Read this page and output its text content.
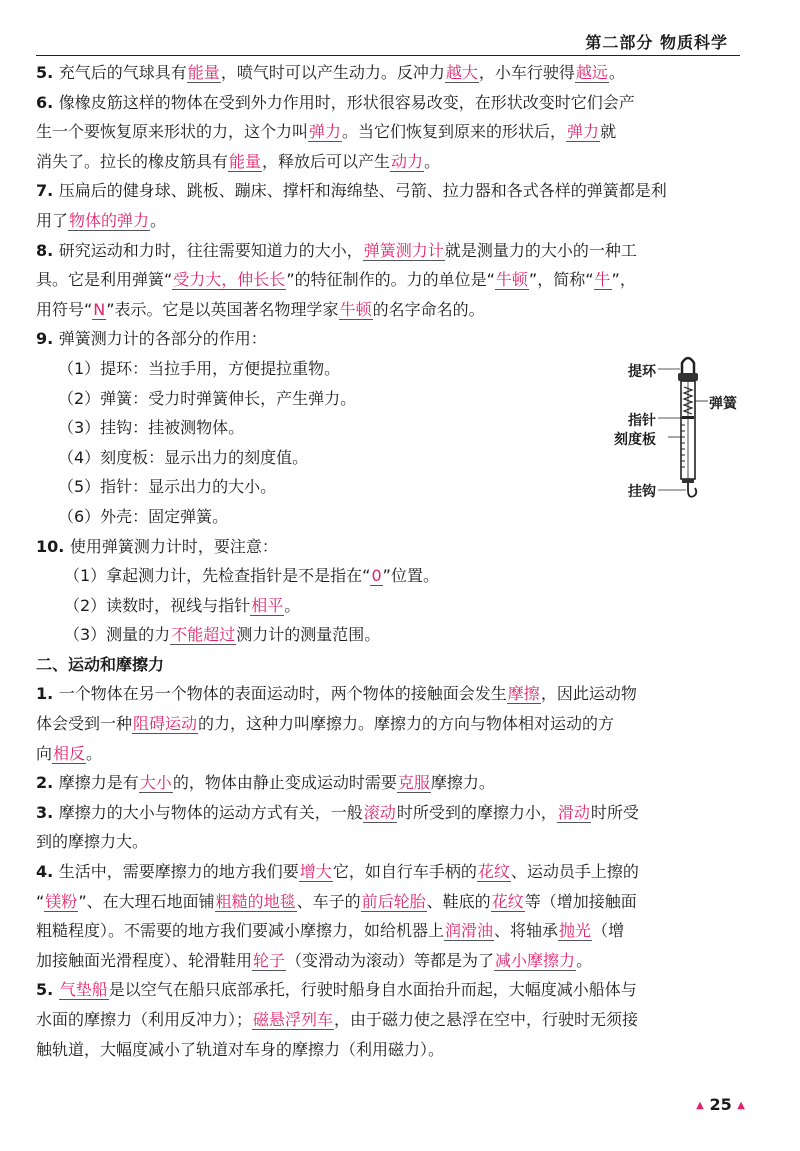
第二部分 物质科学
5. 充气后的气球具有能量，喷气时可以产生动力。反冲力越大，小车行驶得越远。
6. 像橡皮筋这样的物体在受到外力作用时，形状很容易改变，在形状改变时它们会产
生一个要恢复原来形状的力，这个力叫弹力。当它们恢复到原来的形状后，弹力就
消失了。拉长的橡皮筋具有能量，释放后可以产生动力。
7. 压扁后的健身球、跳板、蹦床、撑杆和海绵垫、弓箭、拉力器和各式各样的弹簧都是利
用了物体的弹力。
8. 研究运动和力时，往往需要知道力的大小，弹簧测力计就是测量力的大小的一种工
具。它是利用弹簧“受力大，伸长长”的特征制作的。力的单位是“牛顿”，简称“牛”，
用符号“N”表示。它是以英国著名物理学家牛顿的名字命名的。
9. 弹簧测力计的各部分的作用：
（1）提环：当拉手用，方便提拉重物。
（2）弹簧：受力时弹簧伸长，产生弹力。
（3）挂钩：挂被测物体。
（4）刻度板：显示出力的刻度值。
（5）指针：显示出力的大小。
（6）外壳：固定弹簧。
10. 使用弹簧测力计时，要注意：
（1）拿起测力计，先检查指针是不是指在“0”位置。
（2）读数时，视线与指针相平。
（3）测量的力不能超过测力计的测量范围。
二、运动和摩擦力
1. 一个物体在另一个物体的表面运动时，两个物体的接触面会发生摩擦，因此运动物
体会受到一种阻碍运动的力，这种力叫摩擦力。摩擦力的方向与物体相对运动的方
向相反。
2. 摩擦力是有大小的，物体由静止变成运动时需要克服摩擦力。
3. 摩擦力的大小与物体的运动方式有关，一般滚动时所受到的摩擦力小，滑动时所受
到的摩擦力大。
4. 生活中，需要摩擦力的地方我们要增大它，如自行车手柄的花纹、运动员手上擦的
“镁粉”、在大理石地面铺粗糙的地毯、车子的前后轮胎、鞋底的花纹等（增加接触面
粗糙程度）。不需要的地方我们要减小摩擦力，如给机器上润滑油、将轴承抛光（增
加接触面光滑程度）、轮滑鞋用轮子（变滑动为滚动）等都是为了减小摩擦力。
5. 气垫船是以空气在船只底部承托，行驶时船身自水面抬升而起，大幅度减小船体与
水面的摩擦力（利用反冲力）；磁悬浮列车，由于磁力使之悬浮在空中，行驶时无须接
触轨道，大幅度减小了轨道对车身的摩擦力（利用磁力）。
提环
弹簧
指针
刻度板
挂钩
▲ 25 ▲
